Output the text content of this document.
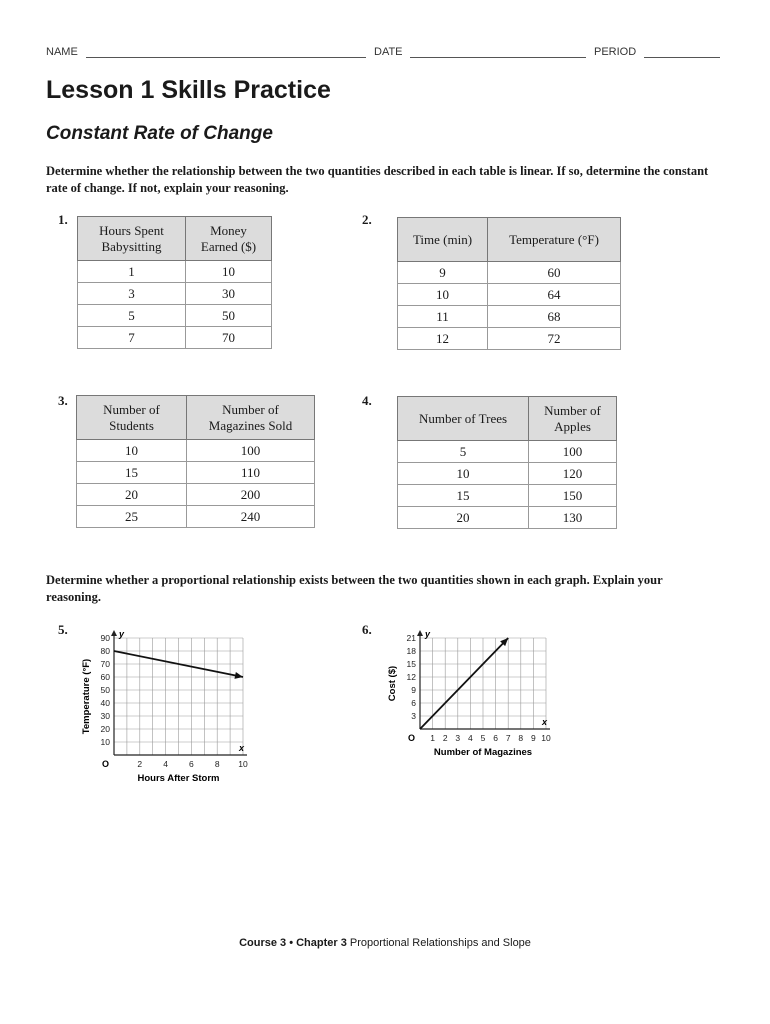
NAME	DATE	PERIOD
Lesson 1 Skills Practice
Constant Rate of Change
Determine whether the relationship between the two quantities described in each table is linear. If so, determine the constant rate of change. If not, explain your reasoning.
1.	2.
3.	4.
Hours Spent
Babysitting	Money
Earned ($)
1	10
3	30
5	50
7	70
Time (min)	Temperature (°F)
9	60
10	64
11	68
12	72
Number of
Students	Number of
Magazines Sold
10	100
15	110
20	200
25	240
Number of Trees	Number of
Apples
5	100
10	120
15	150
20	130
Determine whether a proportional relationship exists between the two quantities shown in each graph. Explain your reasoning.
5.	6.
y
x
O
10
20
30
40
50
60
70
80
90
2 4 6 8 10
Hours After Storm
Temperature (°F)
y
x
O
3
6
9
12
15
18
21
1 2 3 4 5 6 7 8 9 10
Number of Magazines
Cost ($)
Course 3 • Chapter 3 Proportional Relationships and Slope
